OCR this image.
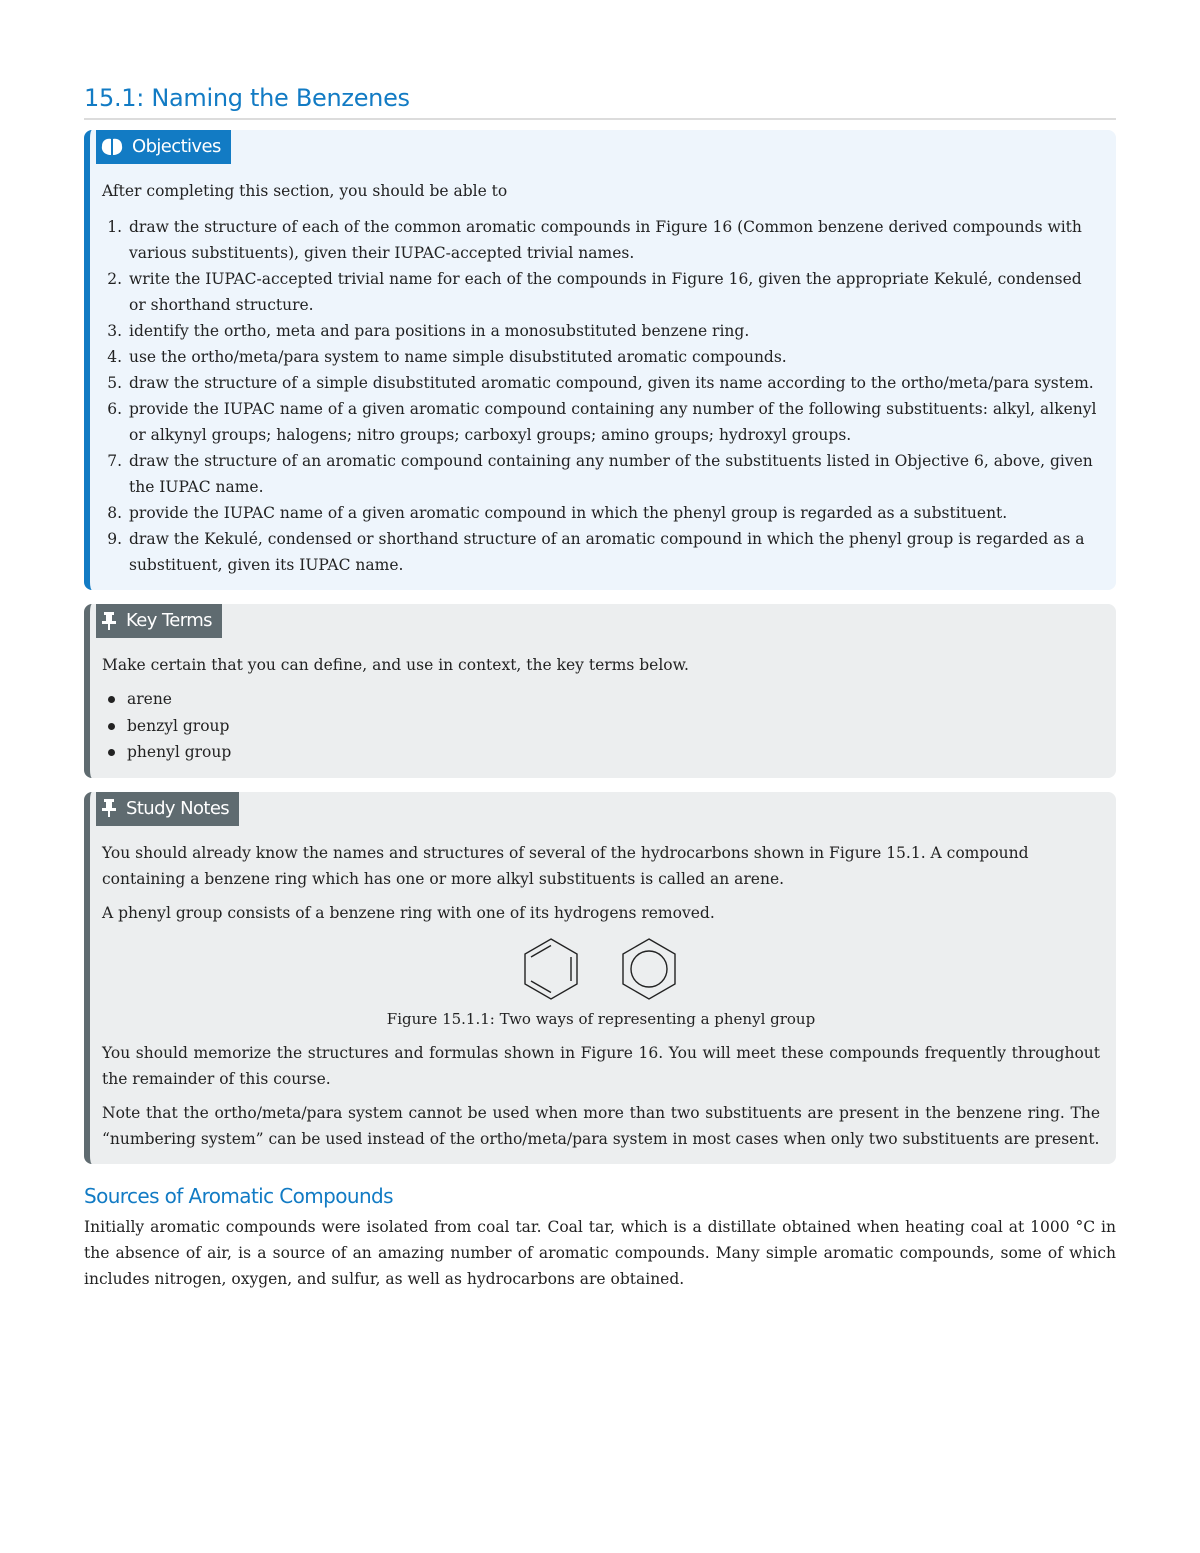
15.1: Naming the Benzenes
Objectives

After completing this section, you should be able to

1. draw the structure of each of the common aromatic compounds in Figure 16 (Common benzene derived compounds with various substituents), given their IUPAC-accepted trivial names.
2. write the IUPAC-accepted trivial name for each of the compounds in Figure 16, given the appropriate Kekulé, condensed or shorthand structure.
3. identify the ortho, meta and para positions in a monosubstituted benzene ring.
4. use the ortho/meta/para system to name simple disubstituted aromatic compounds.
5. draw the structure of a simple disubstituted aromatic compound, given its name according to the ortho/meta/para system.
6. provide the IUPAC name of a given aromatic compound containing any number of the following substituents: alkyl, alkenyl or alkynyl groups; halogens; nitro groups; carboxyl groups; amino groups; hydroxyl groups.
7. draw the structure of an aromatic compound containing any number of the substituents listed in Objective 6, above, given the IUPAC name.
8. provide the IUPAC name of a given aromatic compound in which the phenyl group is regarded as a substituent.
9. draw the Kekulé, condensed or shorthand structure of an aromatic compound in which the phenyl group is regarded as a substituent, given its IUPAC name.
Key Terms

Make certain that you can define, and use in context, the key terms below.

arene
benzyl group
phenyl group
Study Notes

You should already know the names and structures of several of the hydrocarbons shown in Figure 15.1. A compound containing a benzene ring which has one or more alkyl substituents is called an arene.

A phenyl group consists of a benzene ring with one of its hydrogens removed.

Figure 15.1.1: Two ways of representing a phenyl group

You should memorize the structures and formulas shown in Figure 16. You will meet these compounds frequently throughout the remainder of this course.

Note that the ortho/meta/para system cannot be used when more than two substituents are present in the benzene ring. The “numbering system” can be used instead of the ortho/meta/para system in most cases when only two substituents are present.

Sources of Aromatic Compounds

Initially aromatic compounds were isolated from coal tar. Coal tar, which is a distillate obtained when heating coal at 1000 °C in the absence of air, is a source of an amazing number of aromatic compounds. Many simple aromatic compounds, some of which includes nitrogen, oxygen, and sulfur, as well as hydrocarbons are obtained.
